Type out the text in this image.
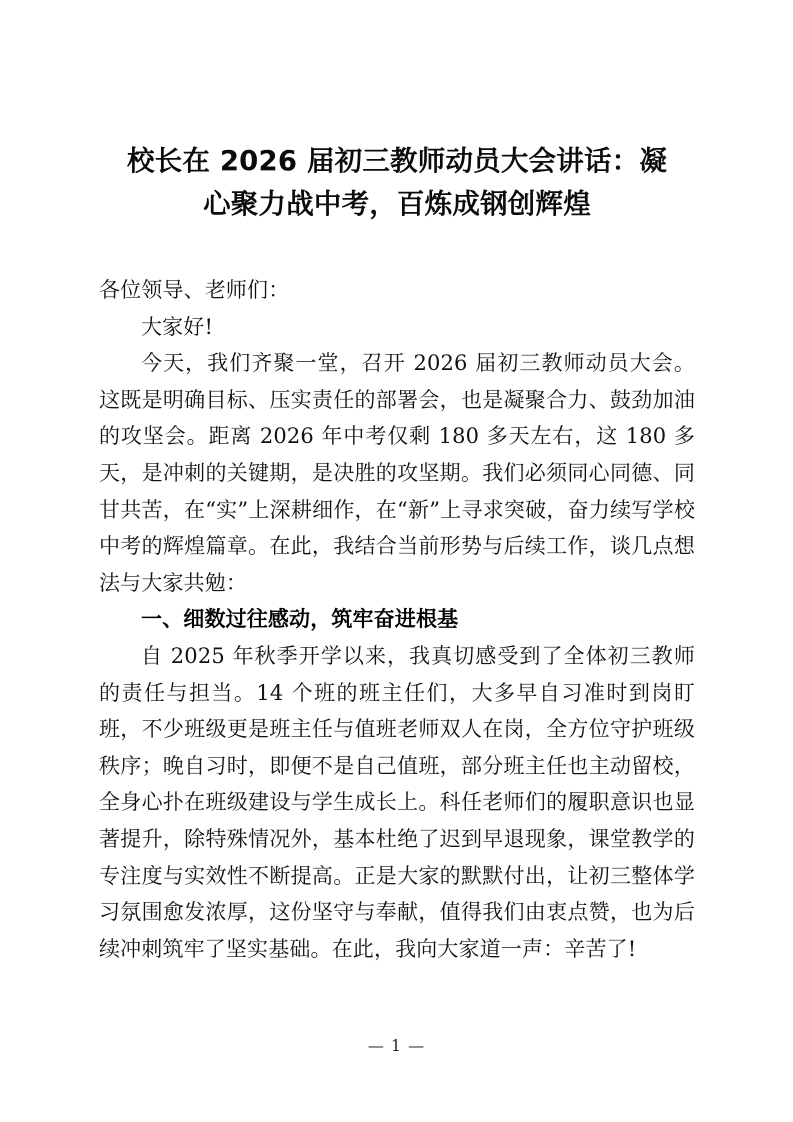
校长在 2026 届初三教师动员大会讲话：凝
心聚力战中考，百炼成钢创辉煌

各位领导、老师们：

大家好!

今天，我们齐聚一堂，召开 2026 届初三教师动员大会。这既是明确目标、压实责任的部署会，也是凝聚合力、鼓劲加油的攻坚会。距离 2026 年中考仅剩 180 多天左右，这 180 多天，是冲刺的关键期，是决胜的攻坚期。我们必须同心同德、同甘共苦，在“实”上深耕细作，在“新”上寻求突破，奋力续写学校中考的辉煌篇章。在此，我结合当前形势与后续工作，谈几点想法与大家共勉：

一、细数过往感动，筑牢奋进根基

自 2025 年秋季开学以来，我真切感受到了全体初三教师的责任与担当。14 个班的班主任们，大多早自习准时到岗盯班，不少班级更是班主任与值班老师双人在岗，全方位守护班级秩序；晚自习时，即便不是自己值班，部分班主任也主动留校，全身心扑在班级建设与学生成长上。科任老师们的履职意识也显著提升，除特殊情况外，基本杜绝了迟到早退现象，课堂教学的专注度与实效性不断提高。正是大家的默默付出，让初三整体学习氛围愈发浓厚，这份坚守与奉献，值得我们由衷点赞，也为后续冲刺筑牢了坚实基础。在此，我向大家道一声：辛苦了!

— 1 —
